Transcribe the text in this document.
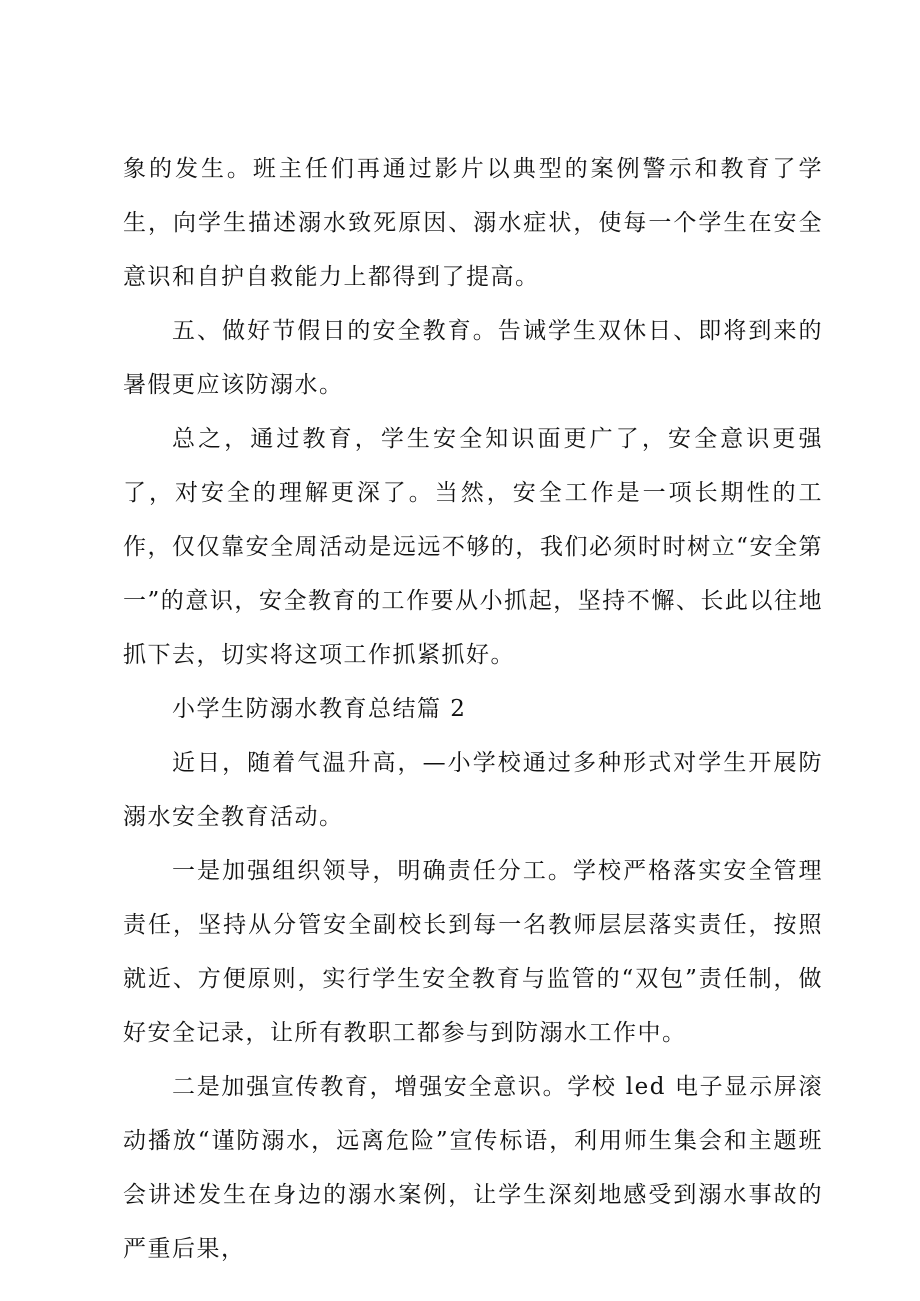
象的发生。班主任们再通过影片以典型的案例警示和教育了学生，向学生描述溺水致死原因、溺水症状，使每一个学生在安全意识和自护自救能力上都得到了提高。

五、做好节假日的安全教育。告诫学生双休日、即将到来的暑假更应该防溺水。

总之，通过教育，学生安全知识面更广了，安全意识更强了，对安全的理解更深了。当然，安全工作是一项长期性的工作，仅仅靠安全周活动是远远不够的，我们必须时时树立“安全第一”的意识，安全教育的工作要从小抓起，坚持不懈、长此以往地抓下去，切实将这项工作抓紧抓好。

小学生防溺水教育总结篇 2

近日，随着气温升高，—小学校通过多种形式对学生开展防溺水安全教育活动。

一是加强组织领导，明确责任分工。学校严格落实安全管理责任，坚持从分管安全副校长到每一名教师层层落实责任，按照就近、方便原则，实行学生安全教育与监管的“双包”责任制，做好安全记录，让所有教职工都参与到防溺水工作中。

二是加强宣传教育，增强安全意识。学校 led 电子显示屏滚动播放“谨防溺水，远离危险”宣传标语，利用师生集会和主题班会讲述发生在身边的溺水案例，让学生深刻地感受到溺水事故的严重后果，
